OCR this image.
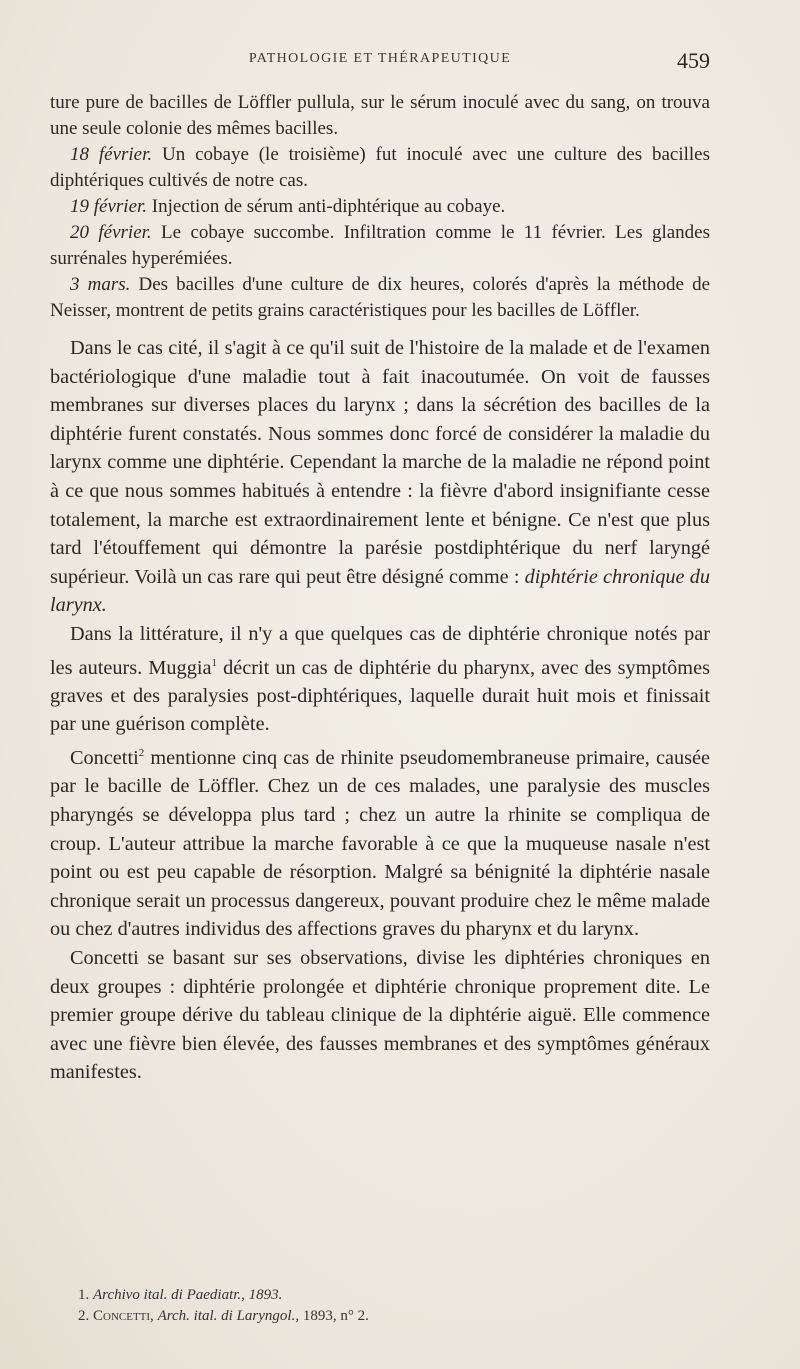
PATHOLOGIE ET THÉRAPEUTIQUE	459

ture pure de bacilles de Löffler pullula, sur le sérum inoculé avec du sang, on trouva une seule colonie des mêmes bacilles.

18 février. Un cobaye (le troisième) fut inoculé avec une culture des bacilles diphtériques cultivés de notre cas.

19 février. Injection de sérum anti-diphtérique au cobaye.

20 février. Le cobaye succombe. Infiltration comme le 11 février. Les glandes surrénales hyperémiées.

3 mars. Des bacilles d'une culture de dix heures, colorés d'après la méthode de Neisser, montrent de petits grains caractéristiques pour les bacilles de Löffler.

Dans le cas cité, il s'agit à ce qu'il suit de l'histoire de la malade et de l'examen bactériologique d'une maladie tout à fait inacoutumée. On voit de fausses membranes sur diverses places du larynx ; dans la sécrétion des bacilles de la diphtérie furent constatés. Nous sommes donc forcé de considérer la maladie du larynx comme une diphtérie. Cependant la marche de la maladie ne répond point à ce que nous sommes habitués à entendre : la fièvre d'abord insignifiante cesse totalement, la marche est extraordinairement lente et bénigne. Ce n'est que plus tard l'étouffement qui démontre la parésie postdiphtérique du nerf laryngé supérieur. Voilà un cas rare qui peut être désigné comme : diphtérie chronique du larynx.

Dans la littérature, il n'y a que quelques cas de diphtérie chronique notés par les auteurs. Muggia$^1$ décrit un cas de diphtérie du pharynx, avec des symptômes graves et des paralysies post-diphtériques, laquelle durait huit mois et finissait par une guérison complète.

Concetti$^2$ mentionne cinq cas de rhinite pseudomembraneuse primaire, causée par le bacille de Löffler. Chez un de ces malades, une paralysie des muscles pharyngés se développa plus tard ; chez un autre la rhinite se compliqua de croup. L'auteur attribue la marche favorable à ce que la muqueuse nasale n'est point ou est peu capable de résorption. Malgré sa bénignité la diphtérie nasale chronique serait un processus dangereux, pouvant produire chez le même malade ou chez d'autres individus des affections graves du pharynx et du larynx.

Concetti se basant sur ses observations, divise les diphtéries chroniques en deux groupes : diphtérie prolongée et diphtérie chronique proprement dite. Le premier groupe dérive du tableau clinique de la diphtérie aiguë. Elle commence avec une fièvre bien élevée, des fausses membranes et des symptômes généraux manifestes.

1. Archivo ital. di Paediatr., 1893.
2. Concetti, Arch. ital. di Laryngol., 1893, n° 2.
